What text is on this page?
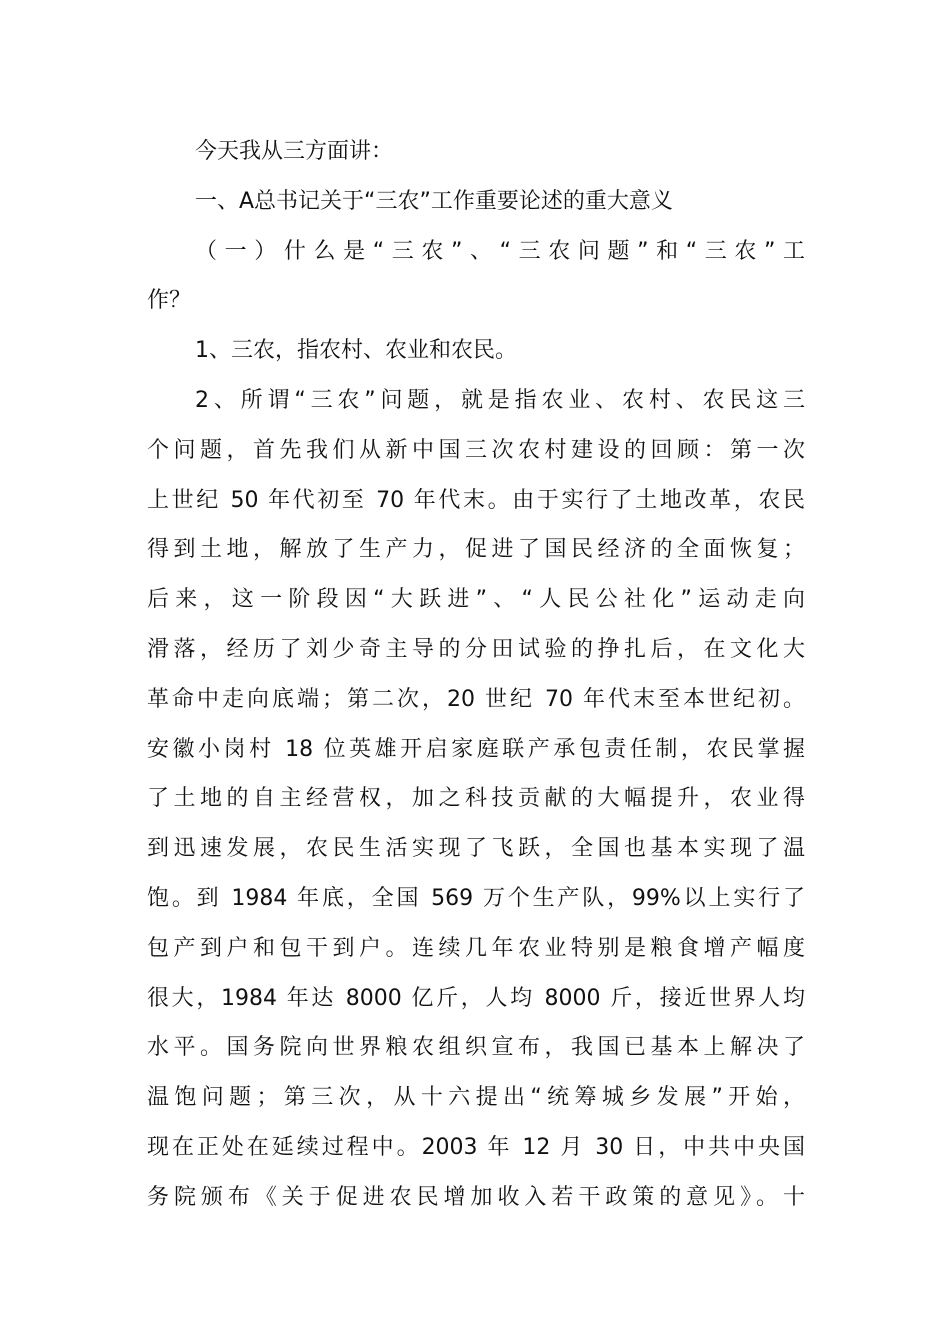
今天我从三方面讲：
一、A总书记关于“三农”工作重要论述的重大意义
（一）什么是“三农”、“三农问题”和“三农”工
作？
1、三农，指农村、农业和农民。
2、所谓“三农”问题，就是指农业、农村、农民这三
个问题，首先我们从新中国三次农村建设的回顾：第一次
上世纪 50 年代初至 70 年代末。由于实行了土地改革，农民
得到土地，解放了生产力，促进了国民经济的全面恢复；
后来，这一阶段因“大跃进”、“人民公社化”运动走向
滑落，经历了刘少奇主导的分田试验的挣扎后，在文化大
革命中走向底端；第二次，20 世纪 70 年代末至本世纪初。
安徽小岗村 18 位英雄开启家庭联产承包责任制，农民掌握
了土地的自主经营权，加之科技贡献的大幅提升，农业得
到迅速发展，农民生活实现了飞跃，全国也基本实现了温
饱。到 1984 年底，全国 569 万个生产队，99%以上实行了
包产到户和包干到户。连续几年农业特别是粮食增产幅度
很大，1984 年达 8000 亿斤，人均 8000 斤，接近世界人均
水平。国务院向世界粮农组织宣布，我国已基本上解决了
温饱问题；第三次，从十六提出“统筹城乡发展”开始，
现在正处在延续过程中。2003 年 12 月 30 日，中共中央国
务院颁布《关于促进农民增加收入若干政策的意见》。十
